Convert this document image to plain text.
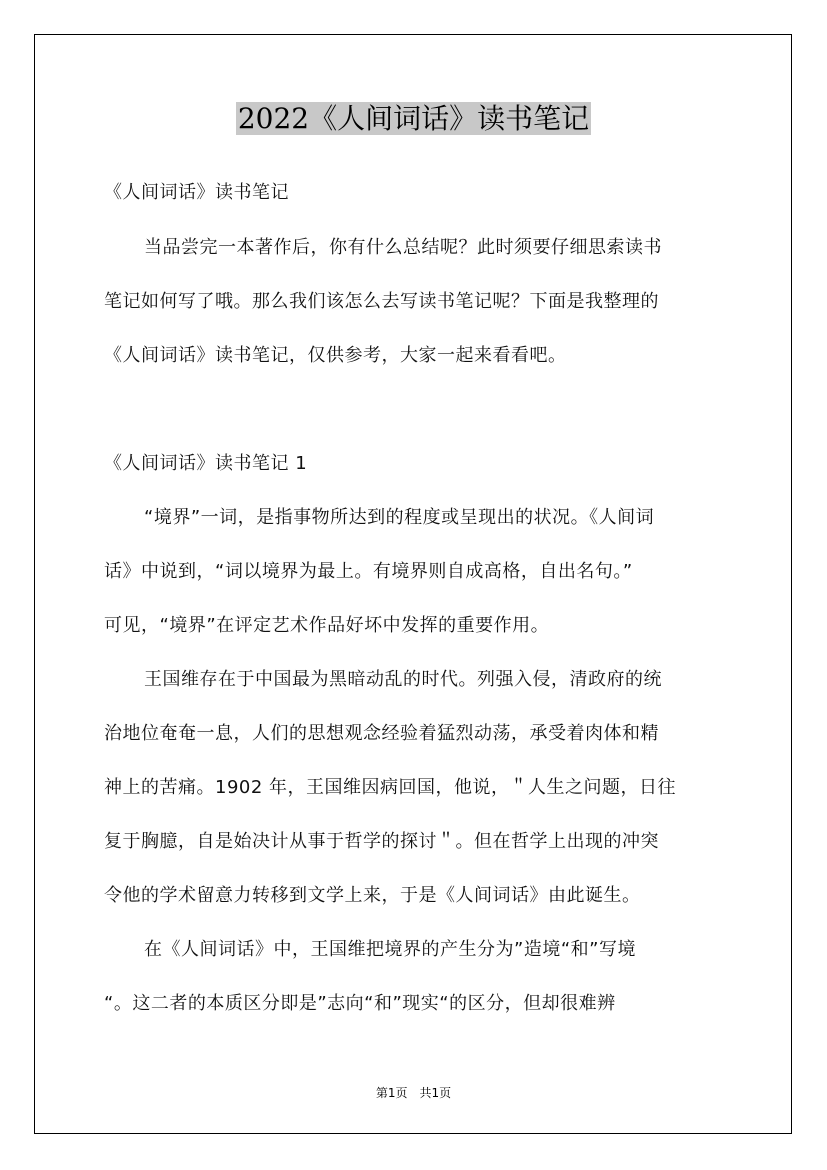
2022《人间词话》读书笔记
《人间词话》读书笔记
当品尝完一本著作后，你有什么总结呢？此时须要仔细思索读书
笔记如何写了哦。那么我们该怎么去写读书笔记呢？下面是我整理的
《人间词话》读书笔记，仅供参考，大家一起来看看吧。
《人间词话》读书笔记 1
“境界”一词，是指事物所达到的程度或呈现出的状况。《人间词
话》中说到，“词以境界为最上。有境界则自成高格，自出名句。”
可见，“境界”在评定艺术作品好坏中发挥的重要作用。
王国维存在于中国最为黑暗动乱的时代。列强入侵，清政府的统
治地位奄奄一息，人们的思想观念经验着猛烈动荡，承受着肉体和精
神上的苦痛。1902 年，王国维因病回国，他说，＂人生之问题，日往
复于胸臆，自是始决计从事于哲学的探讨＂。但在哲学上出现的冲突
令他的学术留意力转移到文学上来，于是《人间词话》由此诞生。
在《人间词话》中，王国维把境界的产生分为”造境“和”写境
“。这二者的本质区分即是”志向“和”现实“的区分，但却很难辨
第1页　共1页
